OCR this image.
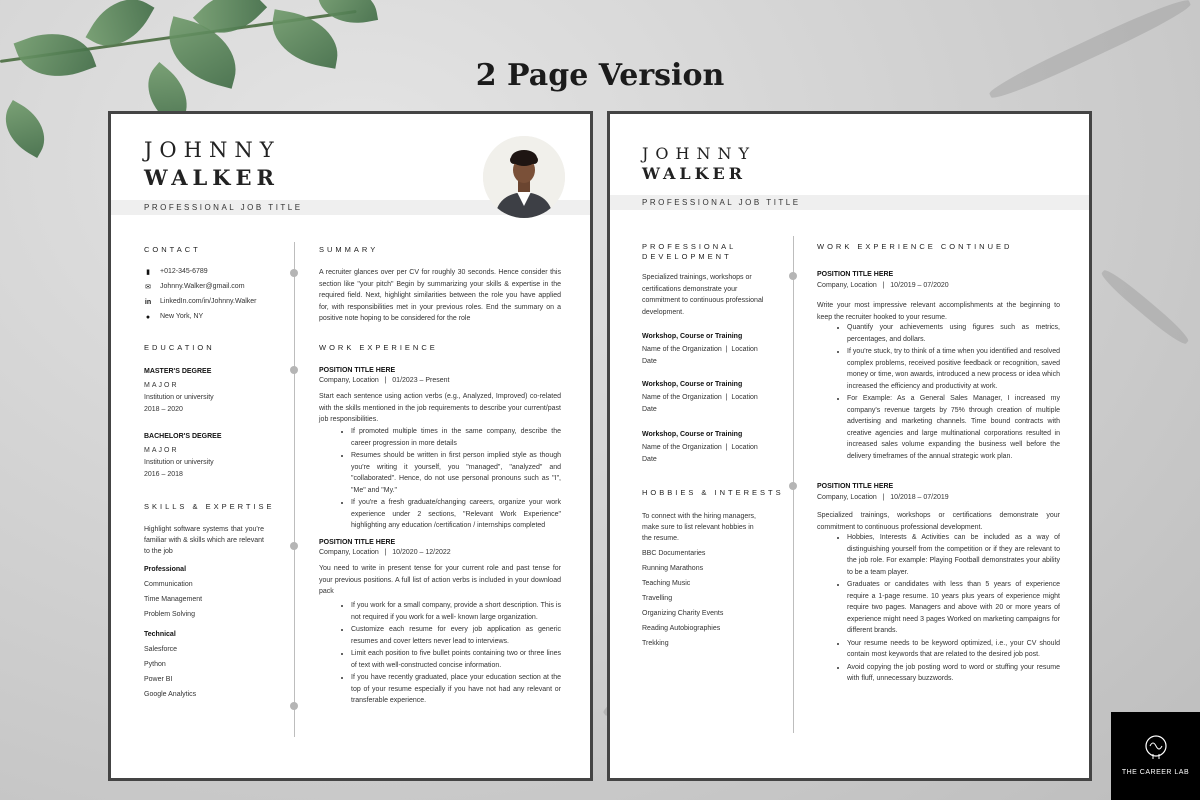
2 Page Version
JOHNNY
WALKER
PROFESSIONAL JOB TITLE
CONTACT
▮ +012-345-6789
✉ Johnny.Walker@gmail.com
in LinkedIn.com/in/Johnny.Walker
● New York, NY
EDUCATION
MASTER'S DEGREE
MAJOR
Institution or university
2018 – 2020
BACHELOR'S DEGREE
MAJOR
Institution or university
2016 – 2018
SKILLS & EXPERTISE
Highlight software systems that you're familiar with & skills which are relevant to the job
Professional
Communication
Time Management
Problem Solving
Technical
Salesforce
Python
Power BI
Google Analytics
SUMMARY
A recruiter glances over per CV for roughly 30 seconds. Hence consider this section like "your pitch" Begin by summarizing your skills & expertise in the required field. Next, highlight similarities between the role you have applied for, with responsibilities met in your previous roles. End the summary on a positive note hoping to be considered for the role
WORK EXPERIENCE
POSITION TITLE HERE
Company, Location   |   01/2023 – Present
Start each sentence using action verbs (e.g., Analyzed, Improved) co-related with the skills mentioned in the job requirements to describe your current/past job responsibilities.
• If promoted multiple times in the same company, describe the career progression in more details
• Resumes should be written in first person implied style as though you're writing it yourself, you "managed", "analyzed" and "collaborated". Hence, do not use personal pronouns such as "I", "Me" and "My."
• If you're a fresh graduate/changing careers, organize your work experience under 2 sections, "Relevant Work Experience" highlighting any education /certification / internships completed
POSITION TITLE HERE
Company, Location   |   10/2020 – 12/2022
You need to write in present tense for your current role and past tense for your previous positions. A full list of action verbs is included in your download pack
• If you work for a small company, provide a short description. This is not required if you work for a well- known large organization.
• Customize each resume for every job application as generic resumes and cover letters never lead to interviews.
• Limit each position to five bullet points containing two or three lines of text with well-constructed concise information.
• If you have recently graduated, place your education section at the top of your resume especially if you have not had any relevant or transferable experience.
JOHNNY
WALKER
PROFESSIONAL JOB TITLE
PROFESSIONAL
DEVELOPMENT
Specialized trainings, workshops or certifications demonstrate your commitment to continuous professional development.
Workshop, Course or Training
Name of the Organization  |  Location
Date
Workshop, Course or Training
Name of the Organization  |  Location
Date
Workshop, Course or Training
Name of the Organization  |  Location
Date
HOBBIES & INTERESTS
To connect with the hiring managers, make sure to list relevant hobbies in the resume.
BBC Documentaries
Running Marathons
Teaching Music
Travelling
Organizing Charity Events
Reading Autobiographies
Trekking
WORK EXPERIENCE CONTINUED
POSITION TITLE HERE
Company, Location   |   10/2019 – 07/2020
Write your most impressive relevant accomplishments at the beginning to keep the recruiter hooked to your resume.
• Quantify your achievements using figures such as metrics, percentages, and dollars.
• If you're stuck, try to think of a time when you identified and resolved complex problems, received positive feedback or recognition, saved money or time, won awards, introduced a new process or idea which increased the efficiency and productivity at work.
• For Example: As a General Sales Manager, I increased my company's revenue targets by 75% through creation of multiple advertising and marketing channels. Time bound contracts with creative agencies and large multinational corporations resulted in increased sales volume expanding the business well before the delivery timeframes of the annual strategic work plan.
POSITION TITLE HERE
Company, Location   |   10/2018 – 07/2019
Specialized trainings, workshops or certifications demonstrate your commitment to continuous professional development.
• Hobbies, Interests & Activities can be included as a way of distinguishing yourself from the competition or if they are relevant to the job role. For example: Playing Football demonstrates your ability to be a team player.
• Graduates or candidates with less than 5 years of experience require a 1-page resume. 10 years plus years of experience might require two pages. Managers and above with 20 or more years of experience might need 3 pages Worked on marketing campaigns for different brands.
• Your resume needs to be keyword optimized, i.e., your CV should contain most keywords that are related to the desired job post.
• Avoid copying the job posting word to word or stuffing your resume with fluff, unnecessary buzzwords.
THE CAREER LAB
